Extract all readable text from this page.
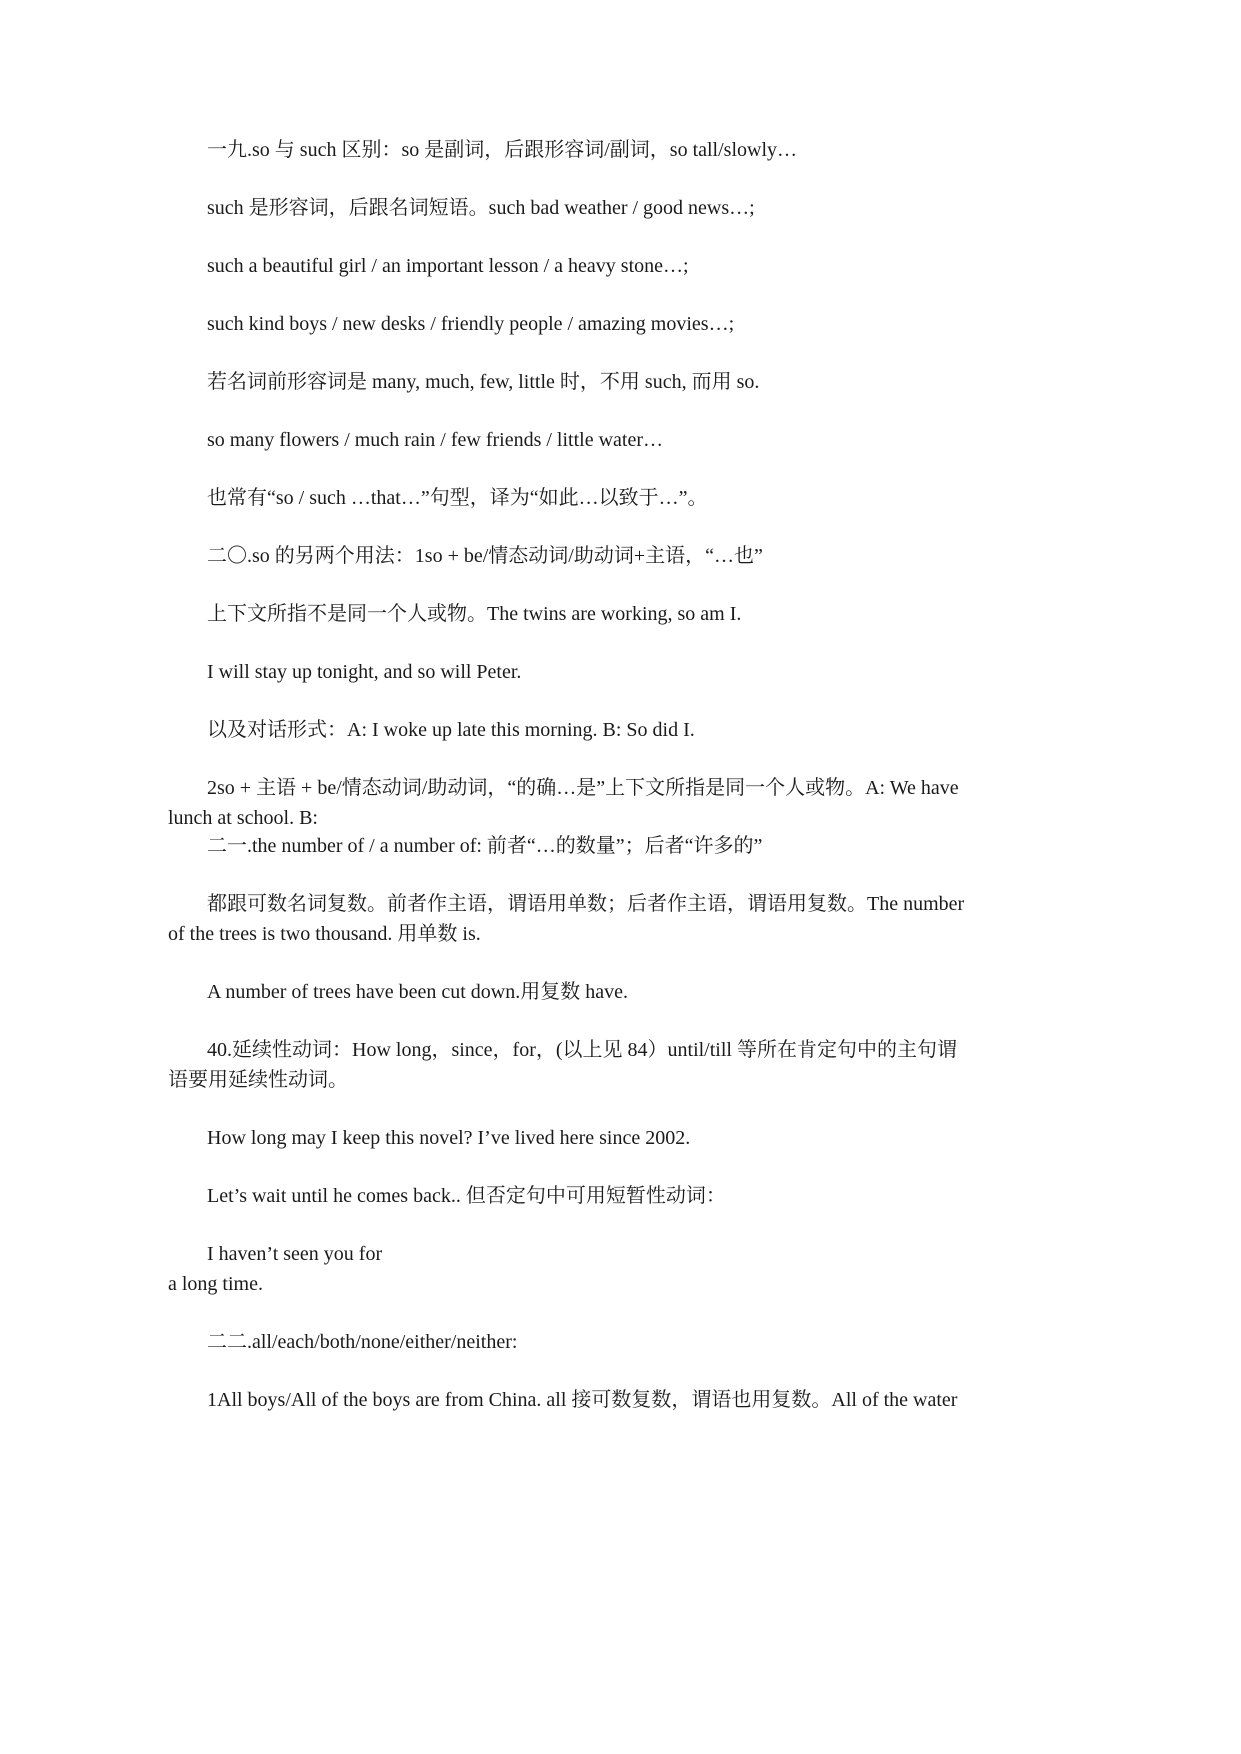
一九.so 与 such 区别：so 是副词，后跟形容词/副词，so tall/slowly…
such 是形容词，后跟名词短语。such bad weather / good news…;
such a beautiful girl / an important lesson / a heavy stone…;
such kind boys / new desks / friendly people / amazing movies…;
若名词前形容词是 many, much, few, little 时，不用 such, 而用 so.
so many flowers / much rain / few friends / little water…
也常有“so / such …that…”句型，译为“如此…以致于…”。
二〇.so 的另两个用法：1so + be/情态动词/助动词+主语，“…也”
上下文所指不是同一个人或物。The twins are working, so am I.
I will stay up tonight, and so will Peter.
以及对话形式：A: I woke up late this morning. B: So did I.
2so + 主语 + be/情态动词/助动词，“的确…是”上下文所指是同一个人或物。A: We have
lunch at school. B:
二一.the number of / a number of: 前者“…的数量”；后者“许多的”
都跟可数名词复数。前者作主语，谓语用单数；后者作主语，谓语用复数。The number
of the trees is two thousand. 用单数 is.
A number of trees have been cut down.用复数 have.
40.延续性动词：How long，since，for，(以上见 84）until/till 等所在肯定句中的主句谓
语要用延续性动词。
How long may I keep this novel? I’ve lived here since 2002.
Let’s wait until he comes back.. 但否定句中可用短暂性动词：
I haven’t seen you for
a long time.
二二.all/each/both/none/either/neither:
1All boys/All of the boys are from China. all 接可数复数，谓语也用复数。All of the water
